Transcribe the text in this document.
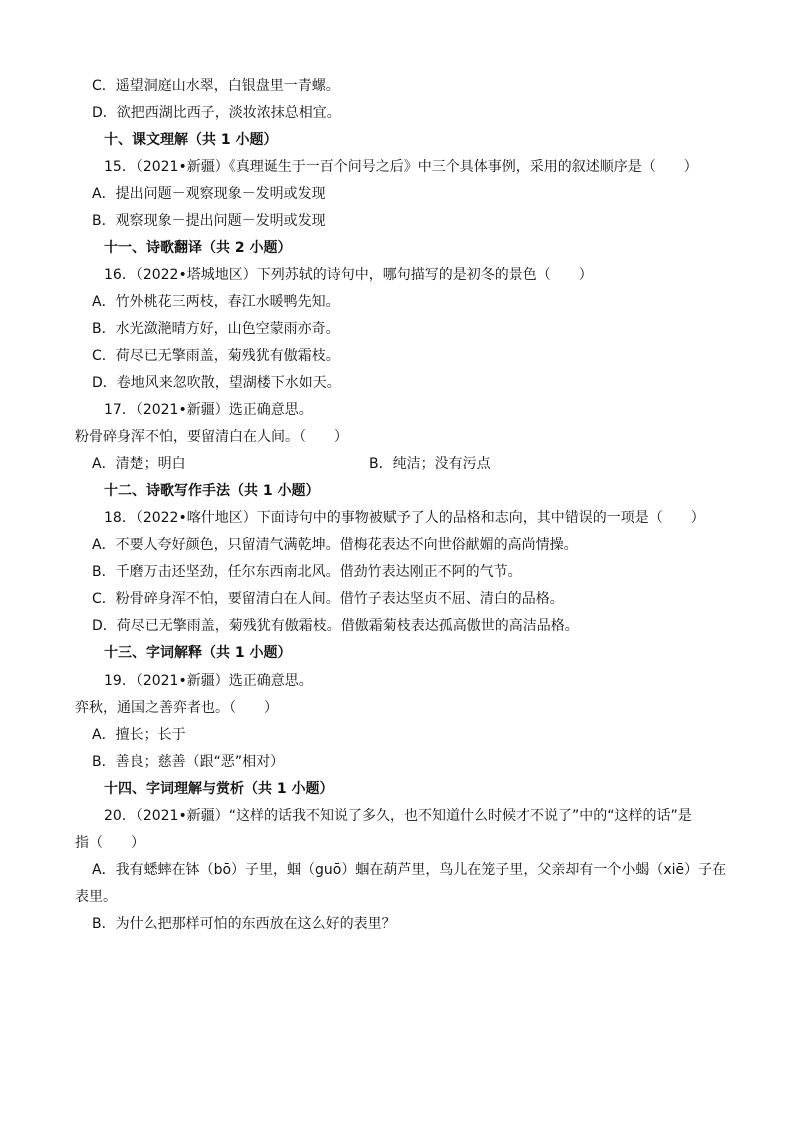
C．遥望洞庭山水翠，白银盘里一青螺。
D．欲把西湖比西子，淡妆浓抹总相宜。
十、课文理解（共 1 小题）
15．（2021•新疆）《真理诞生于一百个问号之后》中三个具体事例，采用的叙述顺序是（　　）
A．提出问题－观察现象－发明或发现
B．观察现象－提出问题－发明或发现
十一、诗歌翻译（共 2 小题）
16．（2022•塔城地区）下列苏轼的诗句中，哪句描写的是初冬的景色（　　）
A．竹外桃花三两枝，春江水暖鸭先知。
B．水光潋滟晴方好，山色空蒙雨亦奇。
C．荷尽已无擎雨盖，菊残犹有傲霜枝。
D．卷地风来忽吹散，望湖楼下水如天。
17．（2021•新疆）选正确意思。
粉骨碎身浑不怕，要留清白在人间。（　　）
A．清楚；明白	B．纯洁；没有污点
十二、诗歌写作手法（共 1 小题）
18．（2022•喀什地区）下面诗句中的事物被赋予了人的品格和志向，其中错误的一项是（　　）
A．不要人夸好颜色，只留清气满乾坤。借梅花表达不向世俗献媚的高尚情操。
B．千磨万击还坚劲，任尔东西南北风。借劲竹表达刚正不阿的气节。
C．粉骨碎身浑不怕，要留清白在人间。借竹子表达坚贞不屈、清白的品格。
D．荷尽已无擎雨盖，菊残犹有傲霜枝。借傲霜菊枝表达孤高傲世的高洁品格。
十三、字词解释（共 1 小题）
19．（2021•新疆）选正确意思。
弈秋，通国之善弈者也。（　　）
A．擅长；长于
B．善良；慈善（跟“恶”相对）
十四、字词理解与赏析（共 1 小题）
20．（2021•新疆）“这样的话我不知说了多久，也不知道什么时候才不说了”中的“这样的话”是
指（　　）
A．我有蟋蟀在钵（bō）子里，蝈（guō）蝈在葫芦里，鸟儿在笼子里，父亲却有一个小蝎（xiē）子在
表里。
B．为什么把那样可怕的东西放在这么好的表里？
